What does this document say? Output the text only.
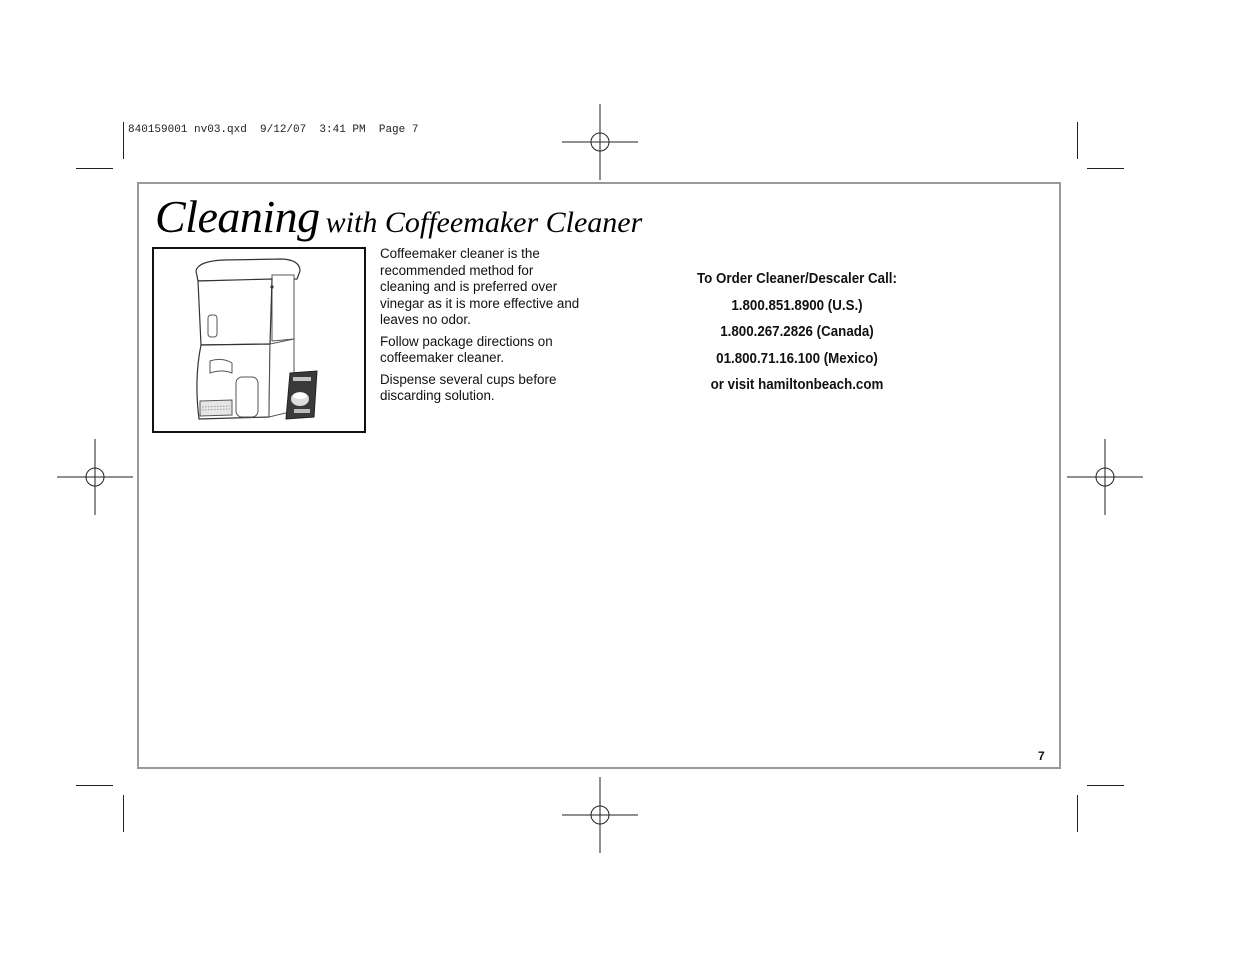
840159001 nv03.qxd  9/12/07  3:41 PM  Page 7
Cleaning with Coffeemaker Cleaner

Coffeemaker cleaner is the recommended method for cleaning and is preferred over vinegar as it is more effective and leaves no odor.

Follow package directions on coffeemaker cleaner.

Dispense several cups before discarding solution.

To Order Cleaner/Descaler Call:
1.800.851.8900 (U.S.)
1.800.267.2826 (Canada)
01.800.71.16.100 (Mexico)
or visit hamiltonbeach.com
7
